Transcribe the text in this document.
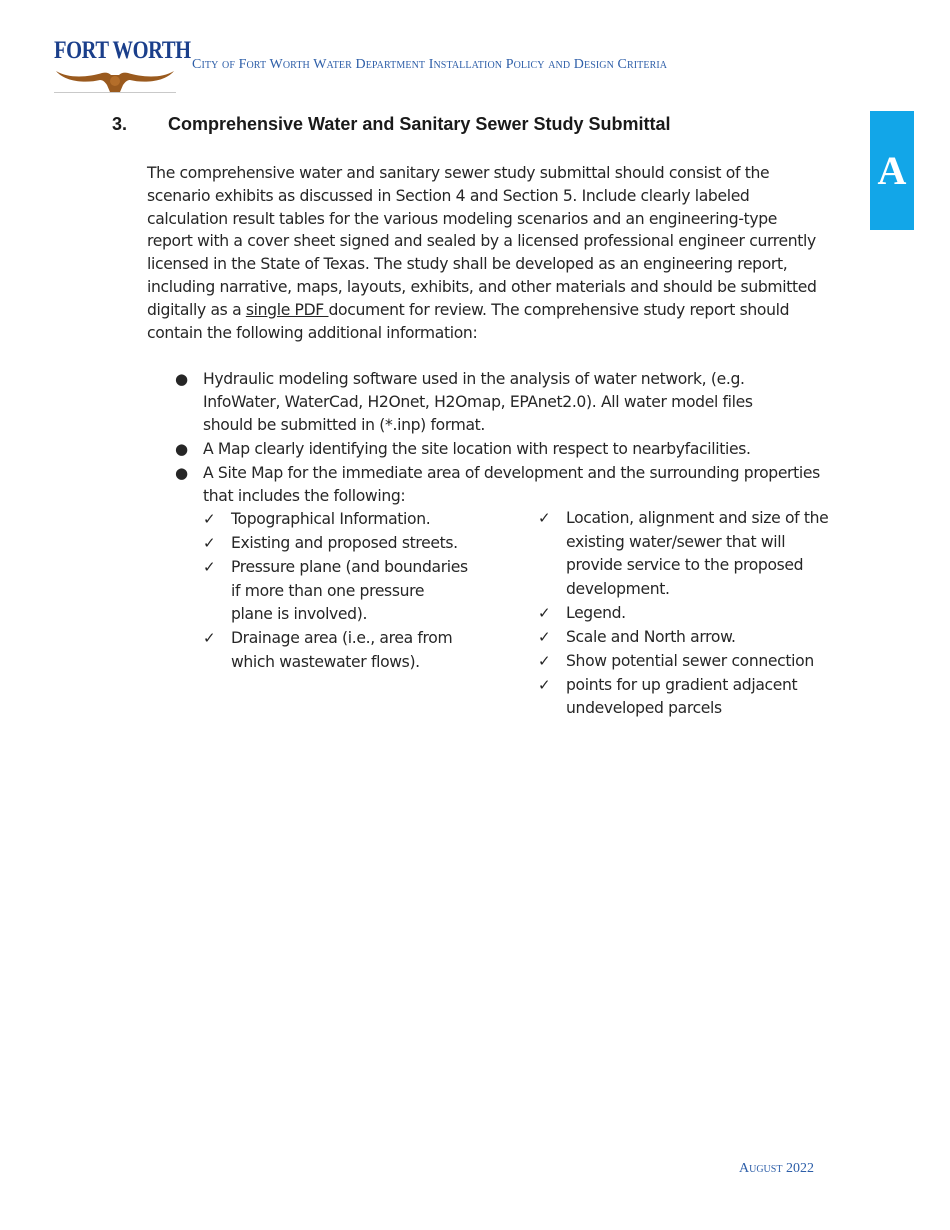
FORT WORTH
City of Fort Worth Water Department Installation Policy and Design Criteria
A
3. Comprehensive Water and Sanitary Sewer Study Submittal

The comprehensive water and sanitary sewer study submittal should consist of the

scenario exhibits as discussed in Section 4 and Section 5. Include clearly labeled

calculation result tables for the various modeling scenarios and an engineering-type

report with a cover sheet signed and sealed by a licensed professional engineer currently

licensed in the State of Texas. The study shall be developed as an engineering report,

including narrative, maps, layouts, exhibits, and other materials and should be submitted

digitally as a single PDF document for review. The comprehensive study report should

contain the following additional information:

● Hydraulic modeling software used in the analysis of water network, (e.g.

InfoWater, WaterCad, H2Onet, H2Omap, EPAnet2.0). All water model files

should be submitted in (*.inp) format.

● A Map clearly identifying the site location with respect to nearbyfacilities.

● A Site Map for the immediate area of development and the surrounding properties

that includes the following:

✓ Topographical Information.

✓ Existing and proposed streets.

✓ Pressure plane (and boundaries

if more than one pressure

plane is involved).

✓ Drainage area (i.e., area from

which wastewater flows).

✓ Location, alignment and size of the

existing water/sewer that will

provide service to the proposed

development.

✓ Legend.

✓ Scale and North arrow.

✓ Show potential sewer connection

✓ points for up gradient adjacent

undeveloped parcels

August 2022
